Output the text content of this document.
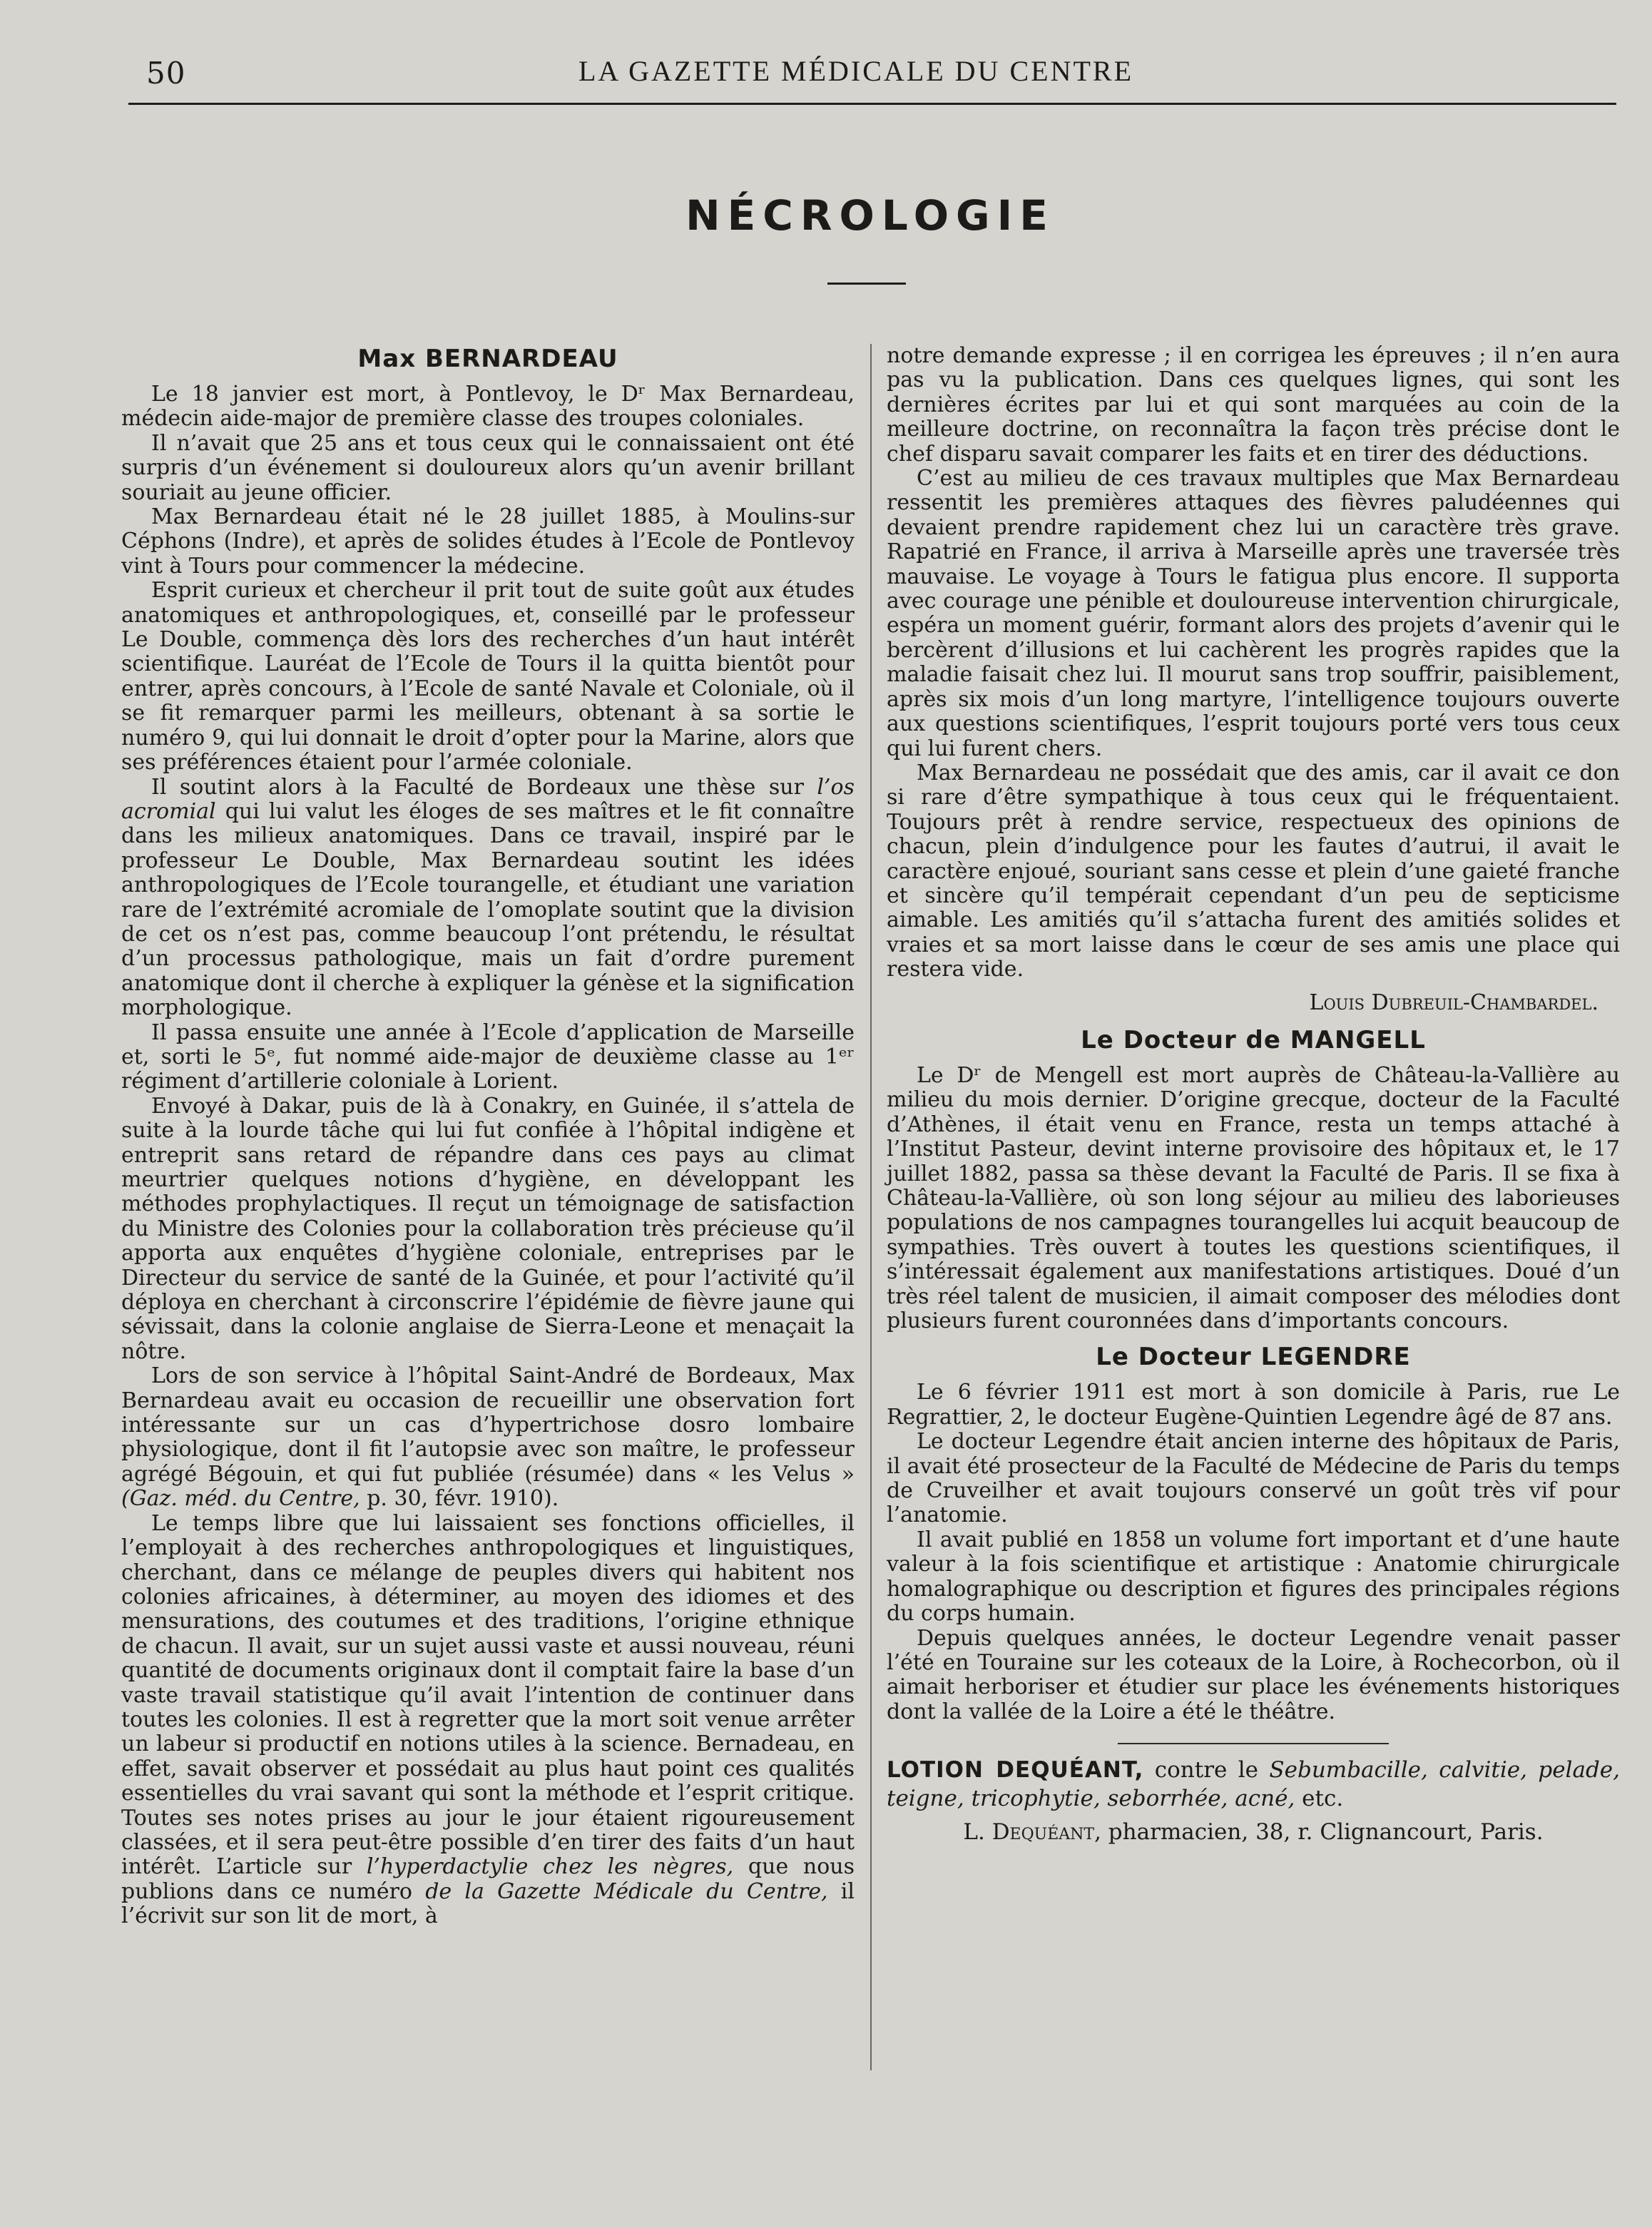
50	LA GAZETTE MÉDICALE DU CENTRE
NÉCROLOGIE
Max BERNARDEAU

Le 18 janvier est mort, à Pontlevoy, le Dʳ Max Bernardeau, médecin aide-major de première classe des troupes coloniales.

Il n’avait que 25 ans et tous ceux qui le connaissaient ont été surpris d’un événement si douloureux alors qu’un avenir brillant souriait au jeune officier.

Max Bernardeau était né le 28 juillet 1885, à Moulins-sur Céphons (Indre), et après de solides études à l’Ecole de Pontlevoy vint à Tours pour commencer la médecine.

Esprit curieux et chercheur il prit tout de suite goût aux études anatomiques et anthropologiques, et, conseillé par le professeur Le Double, commença dès lors des recherches d’un haut intérêt scientifique. Lauréat de l’Ecole de Tours il la quitta bientôt pour entrer, après concours, à l’Ecole de santé Navale et Coloniale, où il se fit remarquer parmi les meilleurs, obtenant à sa sortie le numéro 9, qui lui donnait le droit d’opter pour la Marine, alors que ses préférences étaient pour l’armée coloniale.

Il soutint alors à la Faculté de Bordeaux une thèse sur l’os acromial qui lui valut les éloges de ses maîtres et le fit connaître dans les milieux anatomiques. Dans ce travail, inspiré par le professeur Le Double, Max Bernardeau soutint les idées anthropologiques de l’Ecole tourangelle, et étudiant une variation rare de l’extrémité acromiale de l’omoplate soutint que la division de cet os n’est pas, comme beaucoup l’ont prétendu, le résultat d’un processus pathologique, mais un fait d’ordre purement anatomique dont il cherche à expliquer la génèse et la signification morphologique.

Il passa ensuite une année à l’Ecole d’application de Marseille et, sorti le 5ᵉ, fut nommé aide-major de deuxième classe au 1ᵉʳ régiment d’artillerie coloniale à Lorient.

Envoyé à Dakar, puis de là à Conakry, en Guinée, il s’attela de suite à la lourde tâche qui lui fut confiée à l’hôpital indigène et entreprit sans retard de répandre dans ces pays au climat meurtrier quelques notions d’hygiène, en développant les méthodes prophylactiques. Il reçut un témoignage de satisfaction du Ministre des Colonies pour la collaboration très précieuse qu’il apporta aux enquêtes d’hygiène coloniale, entreprises par le Directeur du service de santé de la Guinée, et pour l’activité qu’il déploya en cherchant à circonscrire l’épidémie de fièvre jaune qui sévissait, dans la colonie anglaise de Sierra-Leone et menaçait la nôtre.

Lors de son service à l’hôpital Saint-André de Bordeaux, Max Bernardeau avait eu occasion de recueillir une observation fort intéressante sur un cas d’hypertrichose dosro lombaire physiologique, dont il fit l’autopsie avec son maître, le professeur agrégé Bégouin, et qui fut publiée (résumée) dans « les Velus » (Gaz. méd. du Centre, p. 30, févr. 1910).

Le temps libre que lui laissaient ses fonctions officielles, il l’employait à des recherches anthropologiques et linguistiques, cherchant, dans ce mélange de peuples divers qui habitent nos colonies africaines, à déterminer, au moyen des idiomes et des mensurations, des coutumes et des traditions, l’origine ethnique de chacun. Il avait, sur un sujet aussi vaste et aussi nouveau, réuni quantité de documents originaux dont il comptait faire la base d’un vaste travail statistique qu’il avait l’intention de continuer dans toutes les colonies. Il est à regretter que la mort soit venue arrêter un labeur si productif en notions utiles à la science. Bernadeau, en effet, savait observer et possédait au plus haut point ces qualités essentielles du vrai savant qui sont la méthode et l’esprit critique. Toutes ses notes prises au jour le jour étaient rigoureusement classées, et il sera peut-être possible d’en tirer des faits d’un haut intérêt. L’article sur l’hyperdactylie chez les nègres, que nous publions dans ce numéro de la Gazette Médicale du Centre, il l’écrivit sur son lit de mort, à

notre demande expresse ; il en corrigea les épreuves ; il n’en aura pas vu la publication. Dans ces quelques lignes, qui sont les dernières écrites par lui et qui sont marquées au coin de la meilleure doctrine, on reconnaîtra la façon très précise dont le chef disparu savait comparer les faits et en tirer des déductions.

C’est au milieu de ces travaux multiples que Max Bernardeau ressentit les premières attaques des fièvres paludéennes qui devaient prendre rapidement chez lui un caractère très grave. Rapatrié en France, il arriva à Marseille après une traversée très mauvaise. Le voyage à Tours le fatigua plus encore. Il supporta avec courage une pénible et douloureuse intervention chirurgicale, espéra un moment guérir, formant alors des projets d’avenir qui le bercèrent d’illusions et lui cachèrent les progrès rapides que la maladie faisait chez lui. Il mourut sans trop souffrir, paisiblement, après six mois d’un long martyre, l’intelligence toujours ouverte aux questions scientifiques, l’esprit toujours porté vers tous ceux qui lui furent chers.

Max Bernardeau ne possédait que des amis, car il avait ce don si rare d’être sympathique à tous ceux qui le fréquentaient. Toujours prêt à rendre service, respectueux des opinions de chacun, plein d’indulgence pour les fautes d’autrui, il avait le caractère enjoué, souriant sans cesse et plein d’une gaieté franche et sincère qu’il tempérait cependant d’un peu de septicisme aimable. Les amitiés qu’il s’attacha furent des amitiés solides et vraies et sa mort laisse dans le cœur de ses amis une place qui restera vide.

Louis Dubreuil-Chambardel.

Le Docteur de MANGELL

Le Dʳ de Mengell est mort auprès de Château-la-Vallière au milieu du mois dernier. D’origine grecque, docteur de la Faculté d’Athènes, il était venu en France, resta un temps attaché à l’Institut Pasteur, devint interne provisoire des hôpitaux et, le 17 juillet 1882, passa sa thèse devant la Faculté de Paris. Il se fixa à Château-la-Vallière, où son long séjour au milieu des laborieuses populations de nos campagnes tourangelles lui acquit beaucoup de sympathies. Très ouvert à toutes les questions scientifiques, il s’intéressait également aux manifestations artistiques. Doué d’un très réel talent de musicien, il aimait composer des mélodies dont plusieurs furent couronnées dans d’importants concours.

Le Docteur LEGENDRE

Le 6 février 1911 est mort à son domicile à Paris, rue Le Regrattier, 2, le docteur Eugène-Quintien Legendre âgé de 87 ans.

Le docteur Legendre était ancien interne des hôpitaux de Paris, il avait été prosecteur de la Faculté de Médecine de Paris du temps de Cruveilher et avait toujours conservé un goût très vif pour l’anatomie.

Il avait publié en 1858 un volume fort important et d’une haute valeur à la fois scientifique et artistique : Anatomie chirurgicale homalographique ou description et figures des principales régions du corps humain.

Depuis quelques années, le docteur Legendre venait passer l’été en Touraine sur les coteaux de la Loire, à Rochecorbon, où il aimait herboriser et étudier sur place les événements historiques dont la vallée de la Loire a été le théâtre.

LOTION DEQUÉANT, contre le Sebumbacille, calvitie, pelade, teigne, tricophytie, seborrhée, acné, etc.

L. Dequéant, pharmacien, 38, r. Clignancourt, Paris.
